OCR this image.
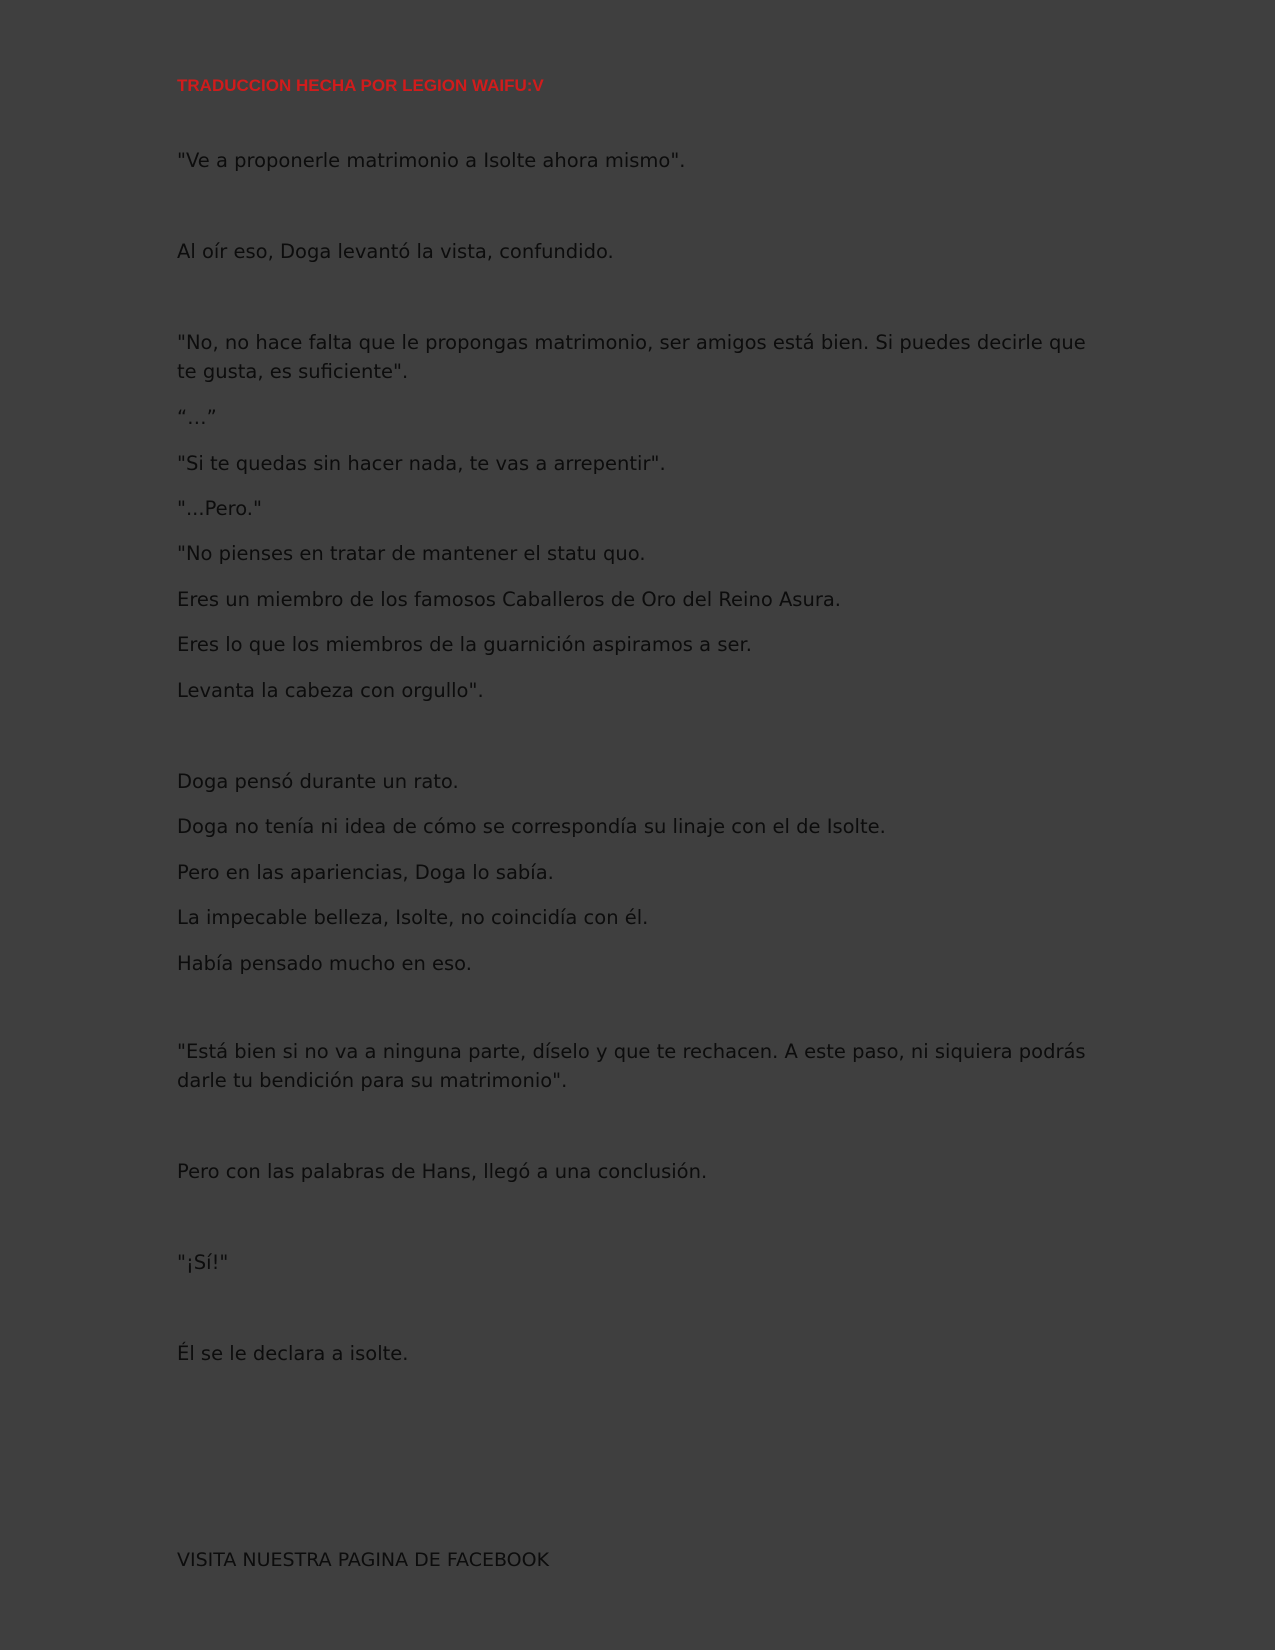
TRADUCCION HECHA POR LEGION WAIFU:V

"Ve a proponerle matrimonio a Isolte ahora mismo".

Al oír eso, Doga levantó la vista, confundido.

"No, no hace falta que le propongas matrimonio, ser amigos está bien. Si puedes decirle que te gusta, es suficiente".

“…”

"Si te quedas sin hacer nada, te vas a arrepentir".

"...Pero."

"No pienses en tratar de mantener el statu quo.

Eres un miembro de los famosos Caballeros de Oro del Reino Asura.

Eres lo que los miembros de la guarnición aspiramos a ser.

Levanta la cabeza con orgullo".

Doga pensó durante un rato.

Doga no tenía ni idea de cómo se correspondía su linaje con el de Isolte.

Pero en las apariencias, Doga lo sabía.

La impecable belleza, Isolte, no coincidía con él.

Había pensado mucho en eso.

"Está bien si no va a ninguna parte, díselo y que te rechacen. A este paso, ni siquiera podrás darle tu bendición para su matrimonio".

Pero con las palabras de Hans, llegó a una conclusión.

"¡Sí!"

Él se le declara a isolte.

VISITA NUESTRA PAGINA DE FACEBOOK
